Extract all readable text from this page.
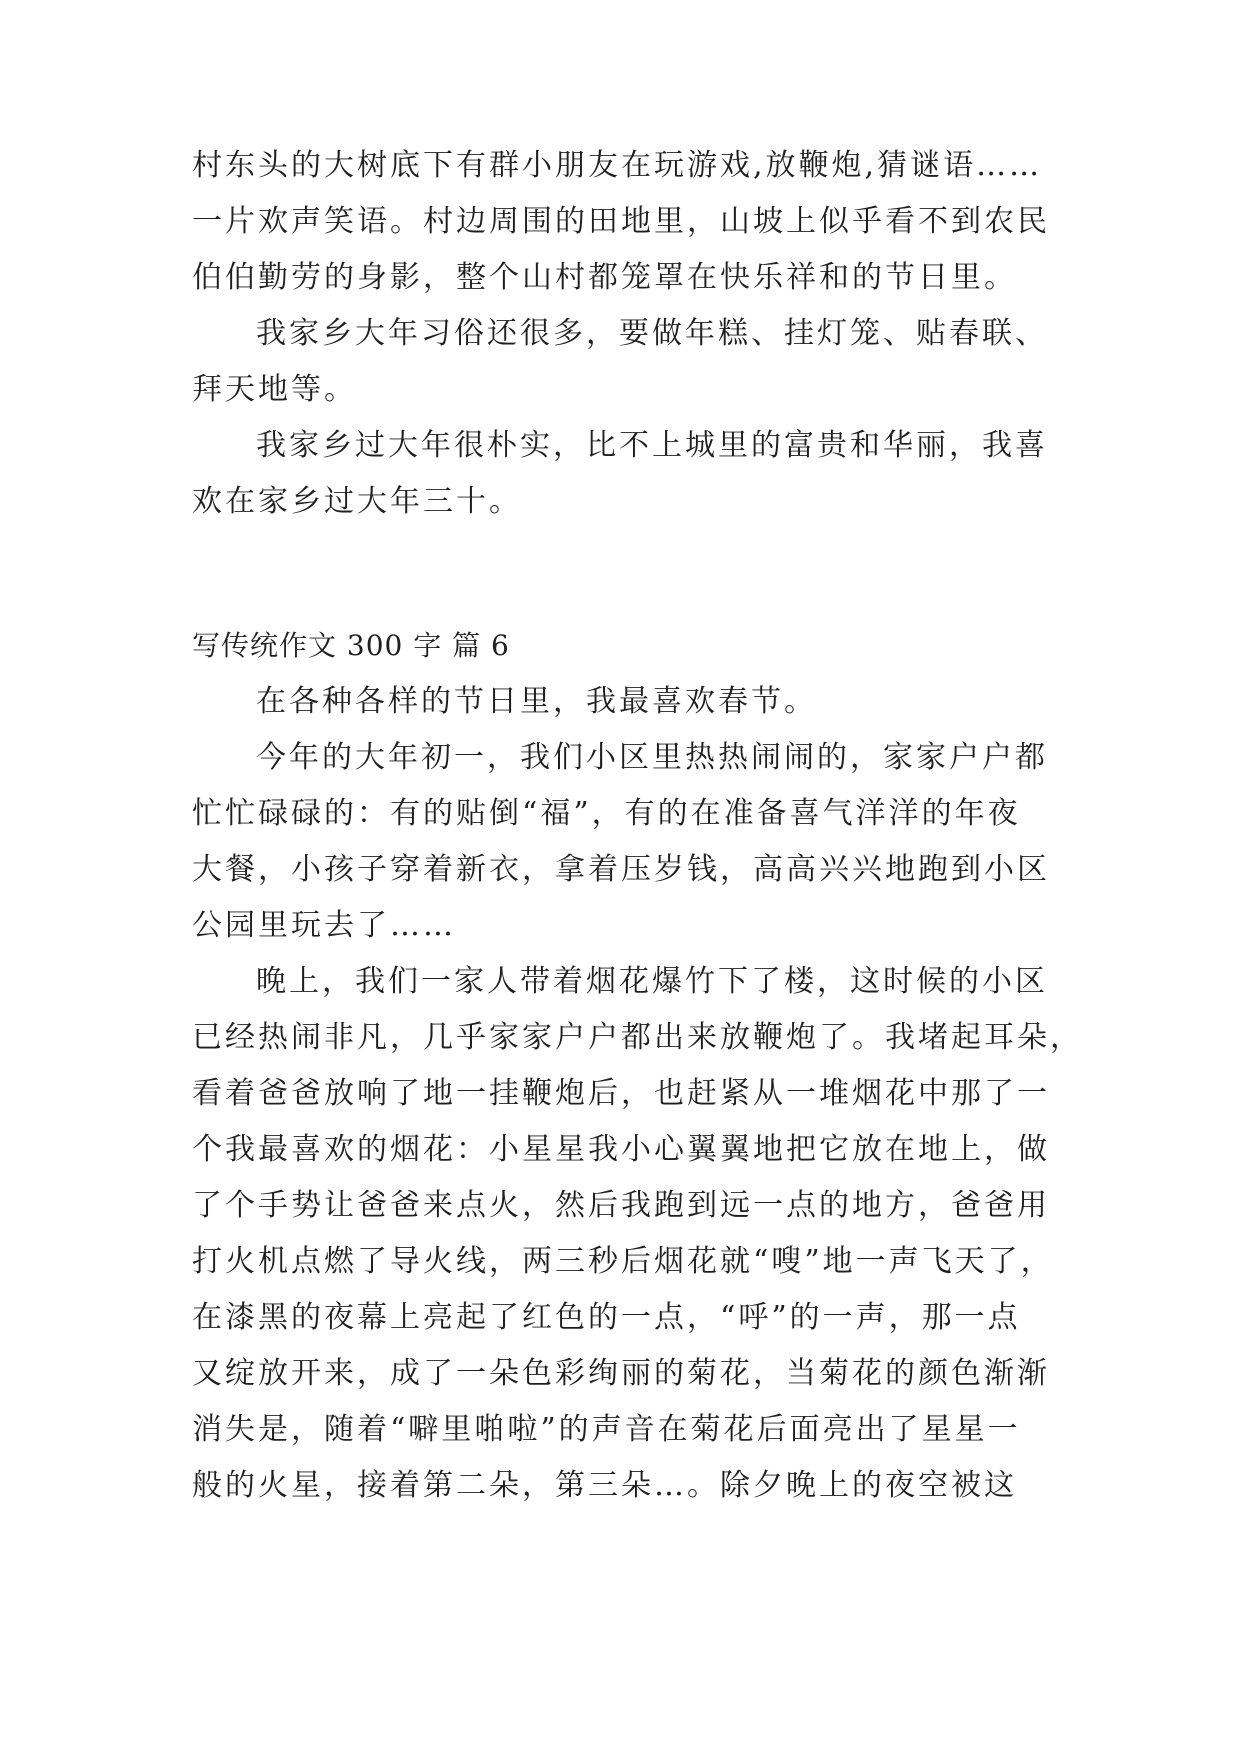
村东头的大树底下有群小朋友在玩游戏,放鞭炮,猜谜语……
一片欢声笑语。村边周围的田地里，山坡上似乎看不到农民
伯伯勤劳的身影，整个山村都笼罩在快乐祥和的节日里。
我家乡大年习俗还很多，要做年糕、挂灯笼、贴春联、
拜天地等。
我家乡过大年很朴实，比不上城里的富贵和华丽，我喜
欢在家乡过大年三十。
写传统作文 300 字 篇 6
在各种各样的节日里，我最喜欢春节。
今年的大年初一，我们小区里热热闹闹的，家家户户都
忙忙碌碌的：有的贴倒“福”，有的在准备喜气洋洋的年夜
大餐，小孩子穿着新衣，拿着压岁钱，高高兴兴地跑到小区
公园里玩去了……
晚上，我们一家人带着烟花爆竹下了楼，这时候的小区
已经热闹非凡，几乎家家户户都出来放鞭炮了。我堵起耳朵，
看着爸爸放响了地一挂鞭炮后，也赶紧从一堆烟花中那了一
个我最喜欢的烟花：小星星我小心翼翼地把它放在地上，做
了个手势让爸爸来点火，然后我跑到远一点的地方，爸爸用
打火机点燃了导火线，两三秒后烟花就“嗖”地一声飞天了，
在漆黑的夜幕上亮起了红色的一点，“呼”的一声，那一点
又绽放开来，成了一朵色彩绚丽的菊花，当菊花的颜色渐渐
消失是，随着“噼里啪啦”的声音在菊花后面亮出了星星一
般的火星，接着第二朵，第三朵…。除夕晚上的夜空被这
